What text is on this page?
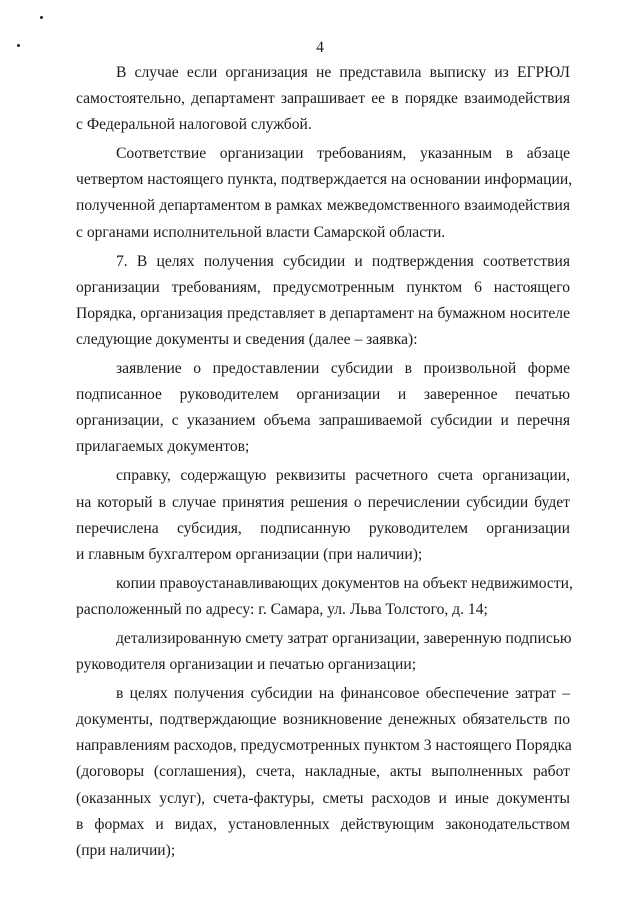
4
В случае если организация не представила выписку из ЕГРЮЛ
самостоятельно, департамент запрашивает ее в порядке взаимодействия
с Федеральной налоговой службой.
Соответствие организации требованиям, указанным в абзаце
четвертом настоящего пункта, подтверждается на основании информации,
полученной департаментом в рамках межведомственного взаимодействия
с органами исполнительной власти Самарской области.
7. В целях получения субсидии и подтверждения соответствия
организации требованиям, предусмотренным пунктом 6 настоящего
Порядка, организация представляет в департамент на бумажном носителе
следующие документы и сведения (далее – заявка):
заявление о предоставлении субсидии в произвольной форме
подписанное руководителем организации и заверенное печатью
организации, с указанием объема запрашиваемой субсидии и перечня
прилагаемых документов;
справку, содержащую реквизиты расчетного счета организации,
на который в случае принятия решения о перечислении субсидии будет
перечислена субсидия, подписанную руководителем организации
и главным бухгалтером организации (при наличии);
копии правоустанавливающих документов на объект недвижимости,
расположенный по адресу: г. Самара, ул. Льва Толстого, д. 14;
детализированную смету затрат организации, заверенную подписью
руководителя организации и печатью организации;
в целях получения субсидии на финансовое обеспечение затрат –
документы, подтверждающие возникновение денежных обязательств по
направлениям расходов, предусмотренных пунктом 3 настоящего Порядка
(договоры (соглашения), счета, накладные, акты выполненных работ
(оказанных услуг), счета-фактуры, сметы расходов и иные документы
в формах и видах, установленных действующим законодательством
(при наличии);
